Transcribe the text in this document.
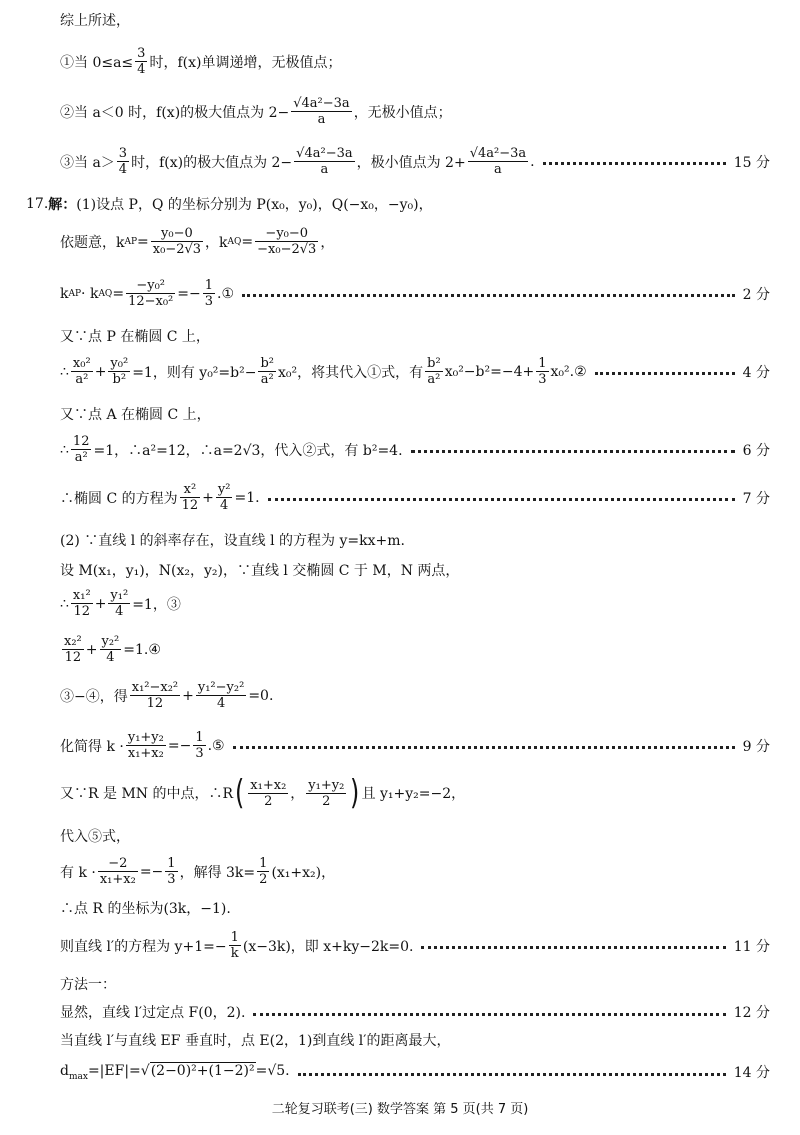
综上所述，
①当 $0\le a\le \frac{3}{4}$ 时，f(x)单调递增，无极值点；
②当 a＜0 时，f(x)的极大值点为 $2- \frac{\text{√4a²−3a}}{a}$ ，无极小值点；
③当 $a> \frac{3}{4}$ 时，f(x)的极大值点为 $2- \frac{\text{√4a²−3a}}{a}$ ，极小值点为 $2+ \frac{\text{√4a²−3a}}{a}$ .	15 分
17. 解： (1)设点 P，Q 的坐标分别为 P(x₀，y₀)，Q(−x₀，−y₀)，
依题意，k AP = $\frac{\text{y₀−0}}{\text{x₀−2√3}}$ ，k AQ = $\frac{\text{−y₀−0}}{\text{−x₀−2√3}}$ ，
k AP · k AQ = $\frac{\text{−y₀²}}{\text{12−x₀²}} =- \frac{1}{3}$ .①	2 分
又∵点 P 在椭圆 C 上，
∴ $\frac{\text{x₀²}}{\text{a²}} + \frac{\text{y₀²}}{\text{b²}} =1$，则有 $y_0^2=b^2- \frac{\text{b²}}{\text{a²}} x_0^2$，将其代入①式，有 $\frac{\text{b²}}{\text{a²}} x_0^2-b^2=-4+ \frac{1}{3}$ x₀².②	4 分
又∵点 A 在椭圆 C 上，
∴ $\frac{12}{\text{a²}} =1$，∴a²=12，∴a=2√3，代入②式，有 b²=4.	6 分
∴椭圆 C 的方程为 $\frac{\text{x²}}{12} + \frac{\text{y²}}{4} =1$.	7 分
(2) ∵直线 l 的斜率存在，设直线 l 的方程为 y=kx+m.
设 M(x₁，y₁)，N(x₂，y₂)，∵直线 l 交椭圆 C 于 M，N 两点，
∴ $\frac{\text{x₁²}}{12} + \frac{\text{y₁²}}{4} =1$，③
$\frac{\text{x₂²}}{12} + \frac{\text{y₂²}}{4}$ =1.④
③−④，得 $\frac{\text{x₁²−x₂²}}{12} + \frac{\text{y₁²−y₂²}}{4} =0$.
化简得 $k \cdot \frac{\text{y₁+y₂}}{\text{x₁+x₂}} =- \frac{1}{3}$ .⑤	9 分
又∵R 是 MN 的中点，∴R ( $\frac{\text{x₁+x₂}}{2}$ ， $\frac{\text{y₁+y₂}}{2}$ ) 且 y₁+y₂=−2，
代入⑤式，
有 $k \cdot \frac{-2}{\text{x₁+x₂}} =- \frac{1}{3}$ ，解得 $3k= \frac{1}{2} (x_1+x_2)$，
∴点 R 的坐标为(3k，−1).
则直线 l′的方程为 $y+1=- \frac{1}{k} (x-3k)$，即 x+ky−2k=0.	11 分
方法一：
显然，直线 l′过定点 F(0，2).	12 分
当直线 l′与直线 EF 垂直时，点 E(2，1)到直线 l′的距离最大，
$d_{max}=|EF|=√(2-0)^2+(1-2)^2=√5$.	14 分
二轮复习联考(三) 数学答案 第 5 页(共 7 页)
